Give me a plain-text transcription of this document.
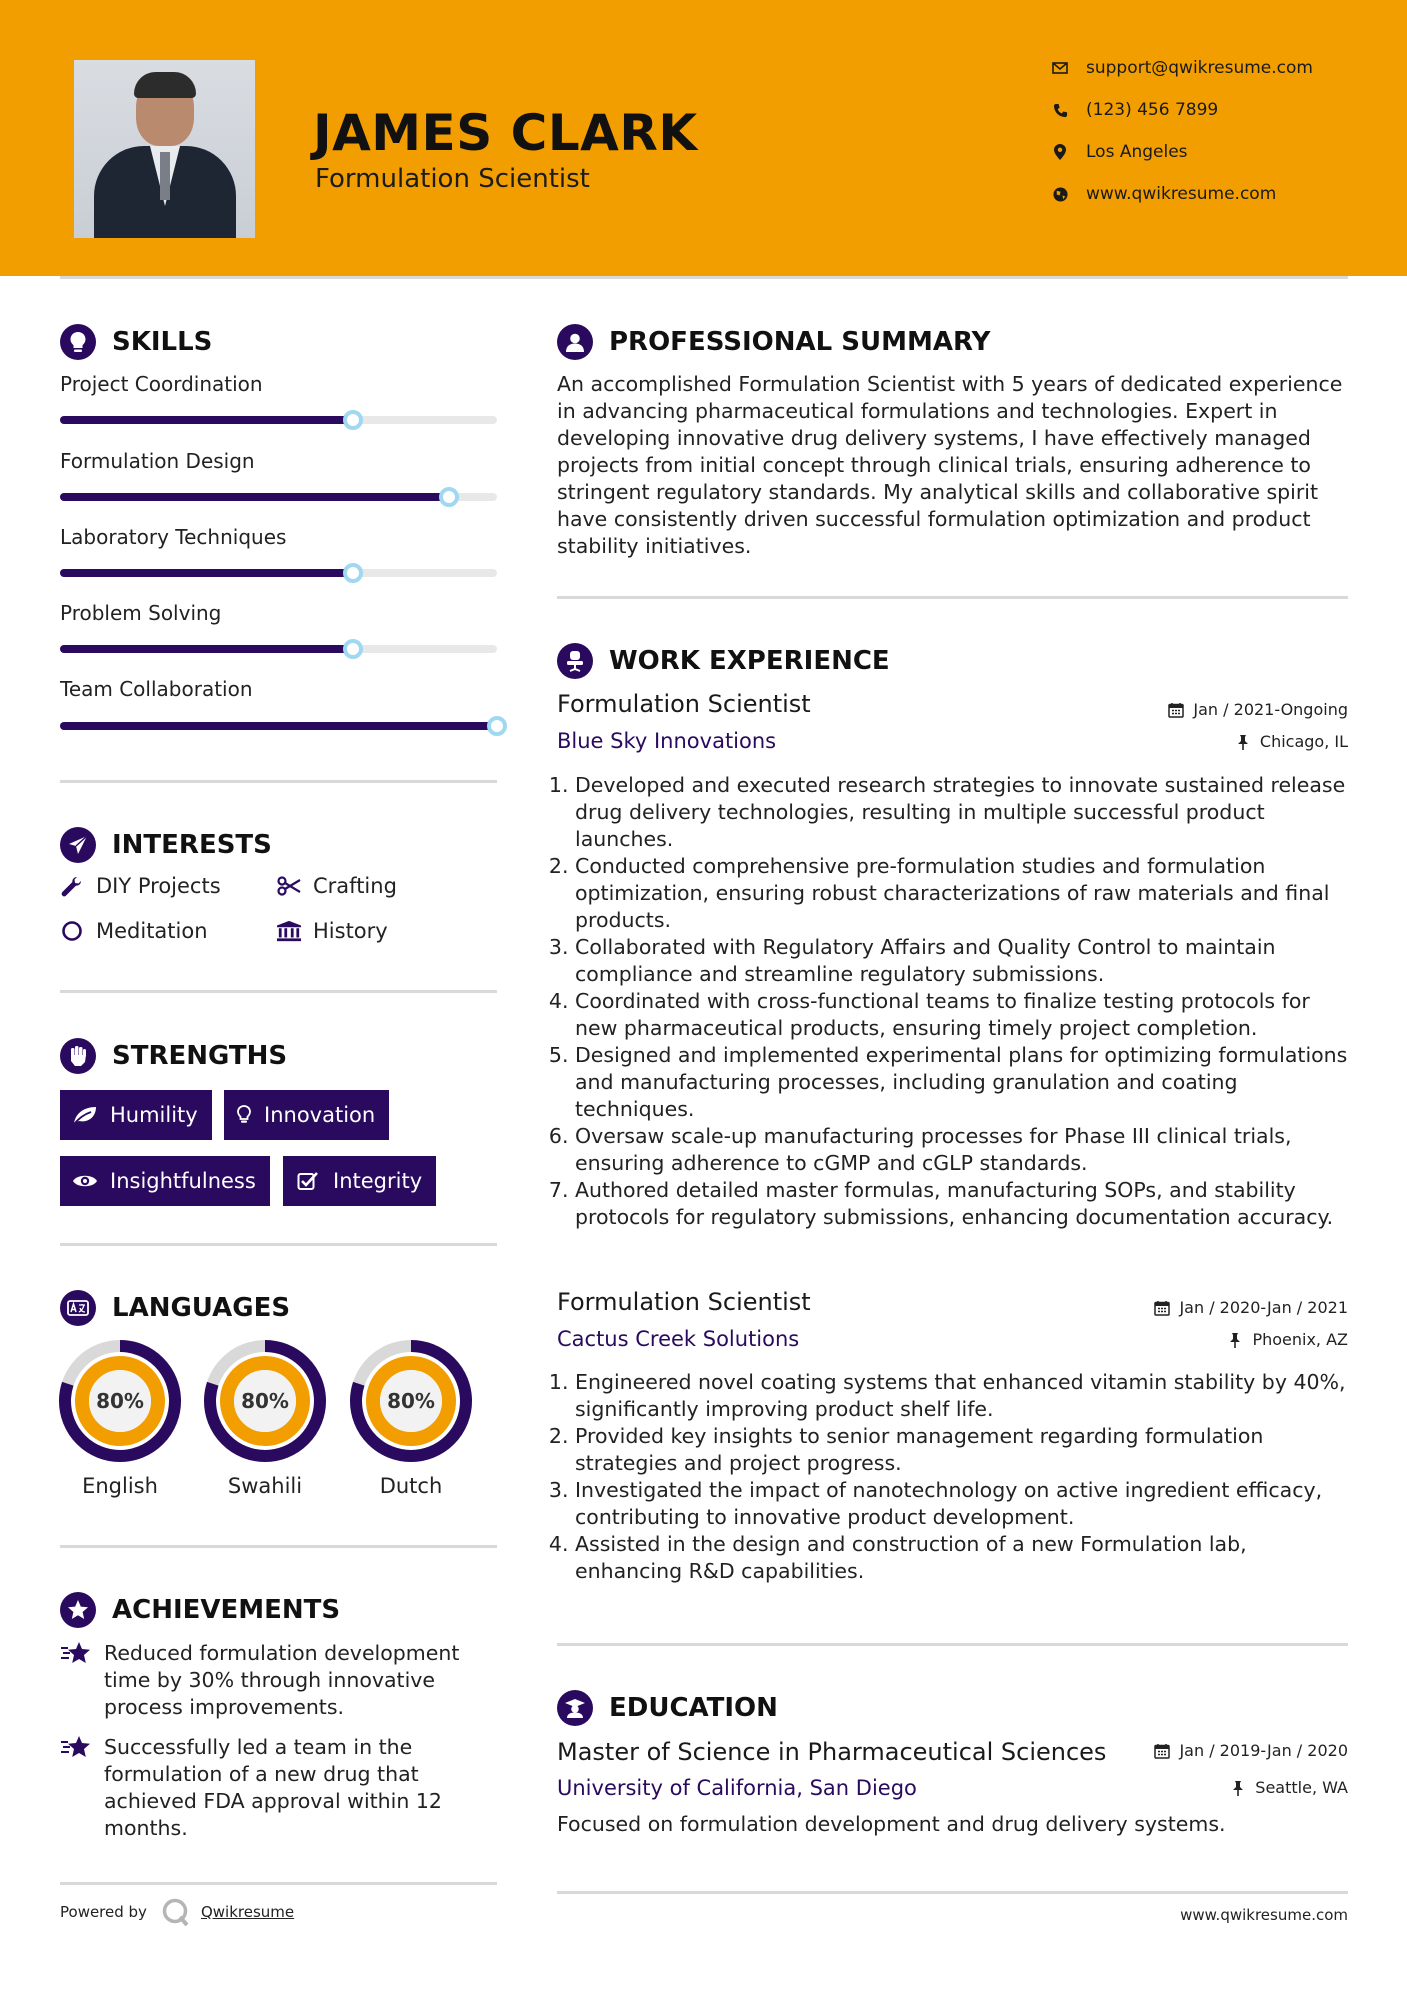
JAMES CLARK
Formulation Scientist
support@qwikresume.com
(123) 456 7899
Los Angeles
www.qwikresume.com
SKILLS
Project Coordination
Formulation Design
Laboratory Techniques
Problem Solving
Team Collaboration
INTERESTS
DIY Projects	Crafting
Meditation	History
STRENGTHS
Humility	Innovation
Insightfulness	Integrity
LANGUAGES
80%	80%	80%
English	Swahili	Dutch
ACHIEVEMENTS
Reduced formulation development time by 30% through innovative process improvements.
Successfully led a team in the formulation of a new drug that achieved FDA approval within 12 months.
PROFESSIONAL SUMMARY
An accomplished Formulation Scientist with 5 years of dedicated experience in advancing pharmaceutical formulations and technologies. Expert in developing innovative drug delivery systems, I have effectively managed projects from initial concept through clinical trials, ensuring adherence to stringent regulatory standards. My analytical skills and collaborative spirit have consistently driven successful formulation optimization and product stability initiatives.
WORK EXPERIENCE
Formulation Scientist	Jan / 2021-Ongoing
Blue Sky Innovations	Chicago, IL
1. Developed and executed research strategies to innovate sustained release drug delivery technologies, resulting in multiple successful product launches.
2. Conducted comprehensive pre-formulation studies and formulation optimization, ensuring robust characterizations of raw materials and final products.
3. Collaborated with Regulatory Affairs and Quality Control to maintain compliance and streamline regulatory submissions.
4. Coordinated with cross-functional teams to finalize testing protocols for new pharmaceutical products, ensuring timely project completion.
5. Designed and implemented experimental plans for optimizing formulations and manufacturing processes, including granulation and coating techniques.
6. Oversaw scale-up manufacturing processes for Phase III clinical trials, ensuring adherence to cGMP and cGLP standards.
7. Authored detailed master formulas, manufacturing SOPs, and stability protocols for regulatory submissions, enhancing documentation accuracy.
Formulation Scientist	Jan / 2020-Jan / 2021
Cactus Creek Solutions	Phoenix, AZ
1. Engineered novel coating systems that enhanced vitamin stability by 40%, significantly improving product shelf life.
2. Provided key insights to senior management regarding formulation strategies and project progress.
3. Investigated the impact of nanotechnology on active ingredient efficacy, contributing to innovative product development.
4. Assisted in the design and construction of a new Formulation lab, enhancing R&D capabilities.
EDUCATION
Master of Science in Pharmaceutical Sciences	Jan / 2019-Jan / 2020
University of California, San Diego	Seattle, WA
Focused on formulation development and drug delivery systems.
Powered by	Qwikresume	www.qwikresume.com
